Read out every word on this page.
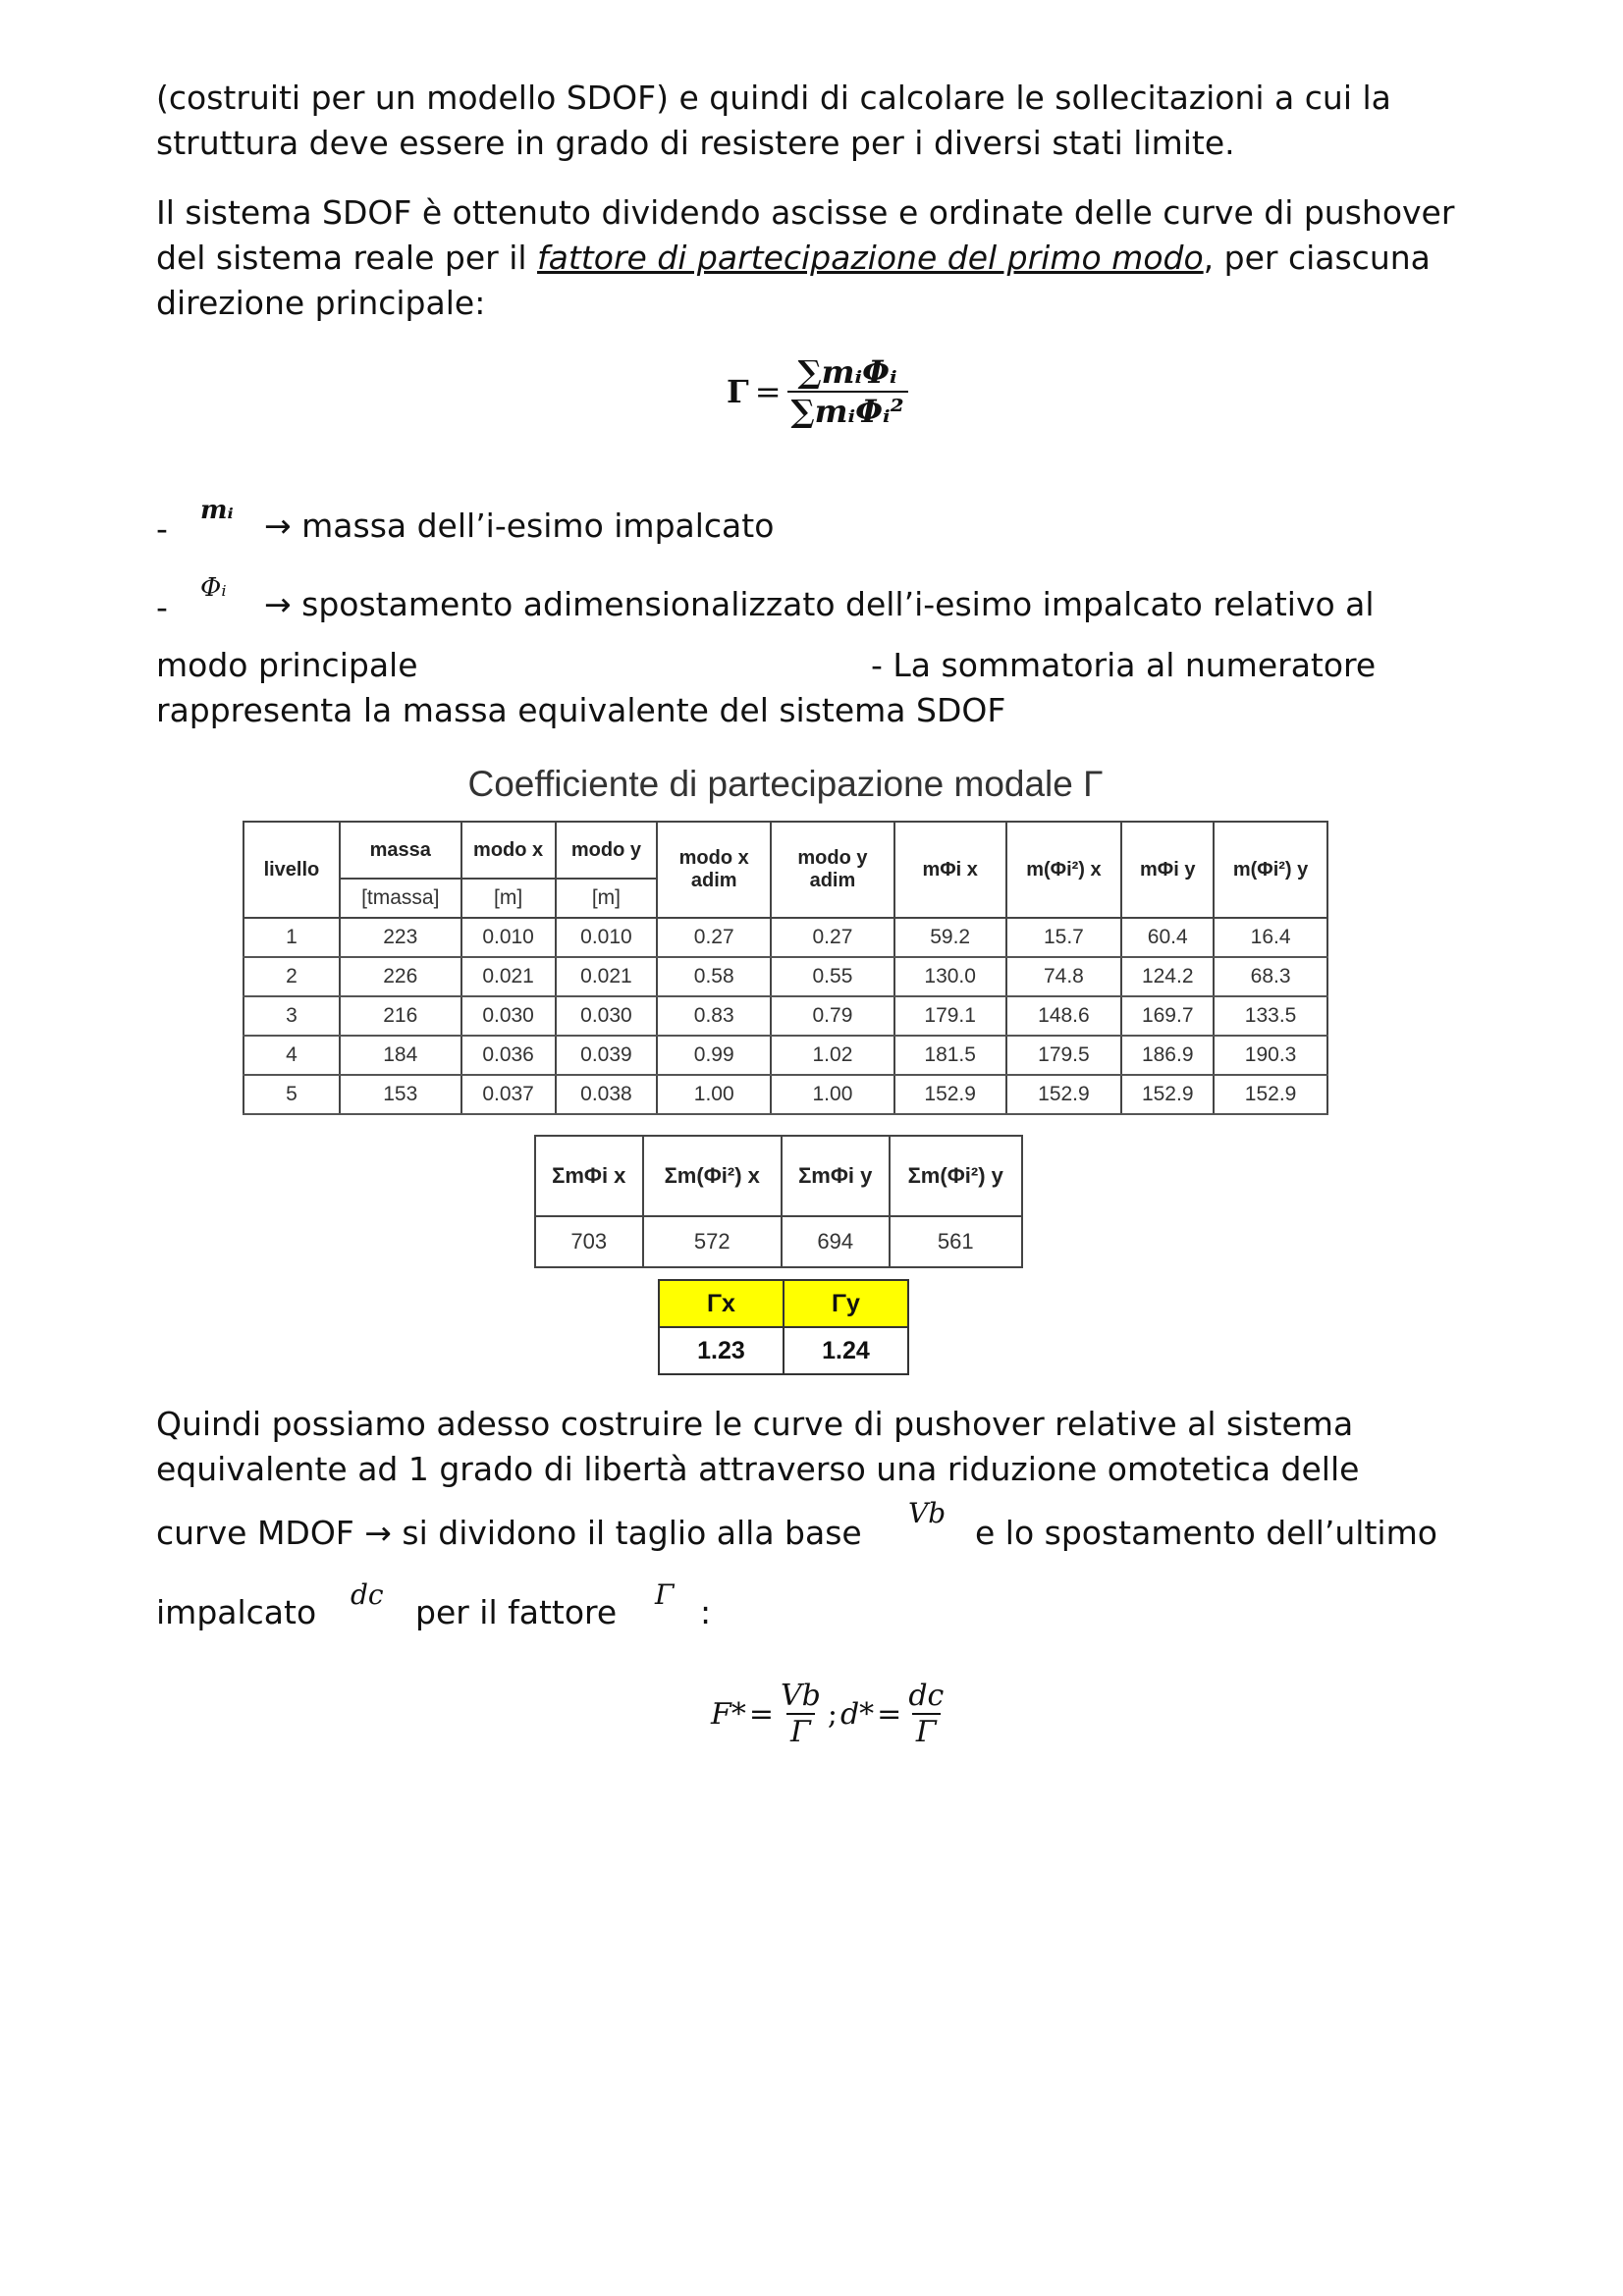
(costruiti per un modello SDOF) e quindi di calcolare le sollecitazioni a cui la
struttura deve essere in grado di resistere per i diversi stati limite.
Il sistema SDOF è ottenuto dividendo ascisse e ordinate delle curve di pushover
del sistema reale per il fattore di partecipazione del primo modo, per ciascuna
direzione principale:
$\Gamma = \frac{\text{∑mᵢΦᵢ}}{\text{∑mᵢΦᵢ²}}$
- mᵢ → massa dell’i-esimo impalcato
- Φᵢ → spostamento adimensionalizzato dell’i-esimo impalcato relativo al
modo principale	- La sommatoria al numeratore
rappresenta la massa equivalente del sistema SDOF
Coefficiente di partecipazione modale Γ
livello	massa	modo x	modo y	modo x adim	modo y adim	mΦi x	m(Φi²) x	mΦi y	m(Φi²) y
	[tmassa]	[m]	[m]						
1	223	0.010	0.010	0.27	0.27	59.2	15.7	60.4	16.4
2	226	0.021	0.021	0.58	0.55	130.0	74.8	124.2	68.3
3	216	0.030	0.030	0.83	0.79	179.1	148.6	169.7	133.5
4	184	0.036	0.039	0.99	1.02	181.5	179.5	186.9	190.3
5	153	0.037	0.038	1.00	1.00	152.9	152.9	152.9	152.9
ΣmΦi x	Σm(Φi²) x	ΣmΦi y	Σm(Φi²) y
703	572	694	561
Γx	Γy
1.23	1.24
Quindi possiamo adesso costruire le curve di pushover relative al sistema
equivalente ad 1 grado di libertà attraverso una riduzione omotetica delle
curve MDOF → si dividono il taglio alla base
Vb
e lo spostamento dell’ultimo
impalcato dc per il fattore Γ :
$F* = \frac{Vb}{\Gamma}$ ; $d* = \frac{dc}{\Gamma}$
